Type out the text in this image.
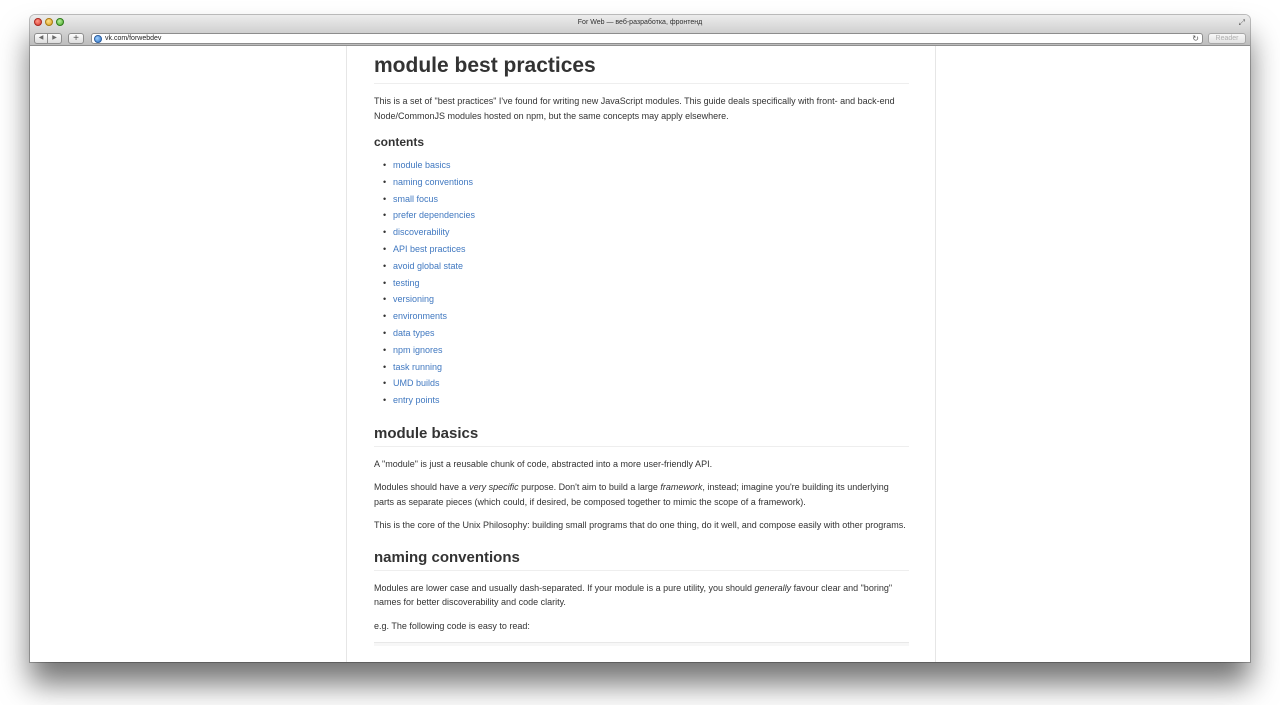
For Web — веб-разработка, фронтенд	⤢
◀	▶	+	vk.com/forwebdev	↻	Reader
module best practices

This is a set of "best practices" I've found for writing new JavaScript modules. This guide deals specifically with front- and back-end Node/CommonJS modules hosted on npm, but the same concepts may apply elsewhere.

contents
• module basics
• naming conventions
• small focus
• prefer dependencies
• discoverability
• API best practices
• avoid global state
• testing
• versioning
• environments
• data types
• npm ignores
• task running
• UMD builds
• entry points
module basics

A "module" is just a reusable chunk of code, abstracted into a more user-friendly API.

Modules should have a very specific purpose. Don't aim to build a large framework, instead; imagine you're building its underlying parts as separate pieces (which could, if desired, be composed together to mimic the scope of a framework).

This is the core of the Unix Philosophy: building small programs that do one thing, do it well, and compose easily with other programs.

naming conventions

Modules are lower case and usually dash-separated. If your module is a pure utility, you should generally favour clear and "boring" names for better discoverability and code clarity.

e.g. The following code is easy to read:
